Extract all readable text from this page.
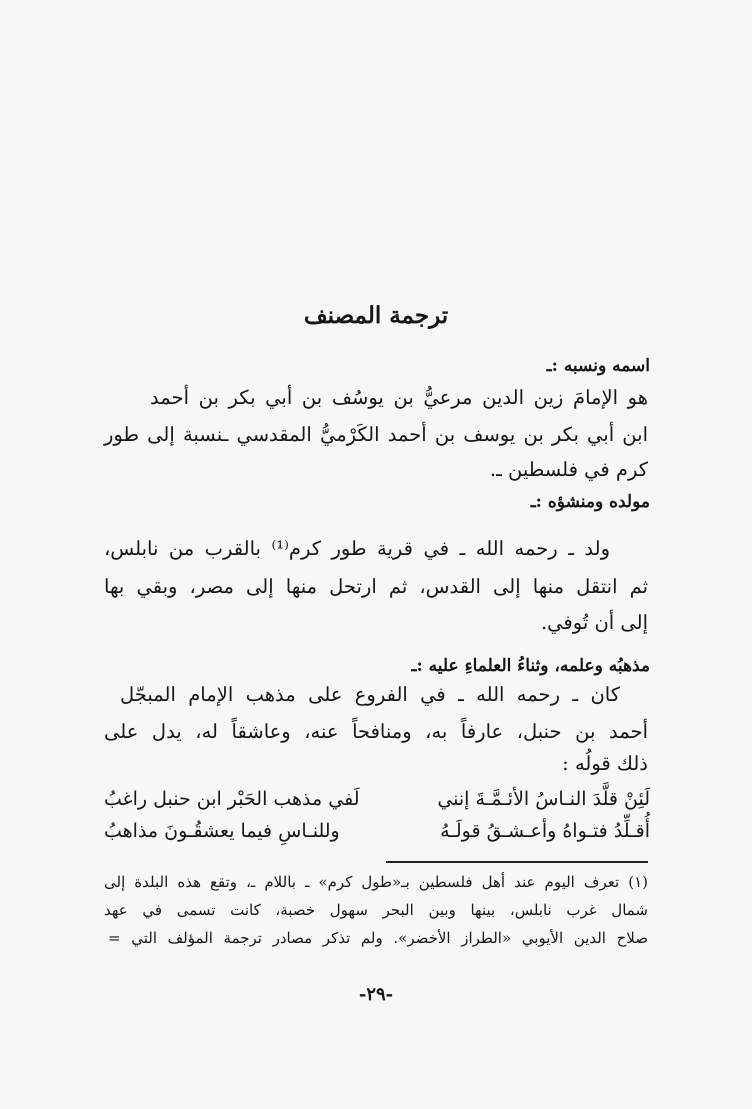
ترجمة المصنف
اسمه ونسبه :ـ
هو الإمامَ زين الدين مرعيُّ بن يوسُف بن أبي بكر بن أحمد
ابن أبي بكر بن يوسف بن أحمد الكَرْميُّ المقدسي ـنسبة إلى طور
كرم في فلسطين ـ.
مولده ومنشؤه :ـ
ولد ـ رحمه الله ـ في قرية طور كرم⁽¹⁾ بالقرب من نابلس،
ثم انتقل منها إلى القدس، ثم ارتحل منها إلى مصر، وبقي بها
إلى أن تُوفي.
مذهبُه وعلمه، وثناءُ العلماءِ عليه :ـ
كان ـ رحمه الله ـ في الفروع على مذهب الإمام المبجّل
أحمد بن حنبل، عارفاً به، ومنافحاً عنه، وعاشقاً له، يدل على
ذلك قولُه :
لَئِنْ قلَّدَ النـاسُ الأئـمَّـةَ إنني
لَفي مذهب الحَبْر ابن حنبل راغبُ
أُقـلِّدُ فتـواهُ وأعـشـقُ قولَـهُ
وللنـاسِ فيما يعشقُـونَ مذاهبُ
(١) تعرف اليوم عند أهل فلسطين بـ«طول كرم» ـ باللام ـ، وتقع هذه البلدة إلى
شمال غرب نابلس، بينها وبين البحر سهول خصبة، كانت تسمى في عهد
صلاح الدين الأيوبي «الطراز الأخضر». ولم تذكر مصادر ترجمة المؤلف التي =
-٢٩-
